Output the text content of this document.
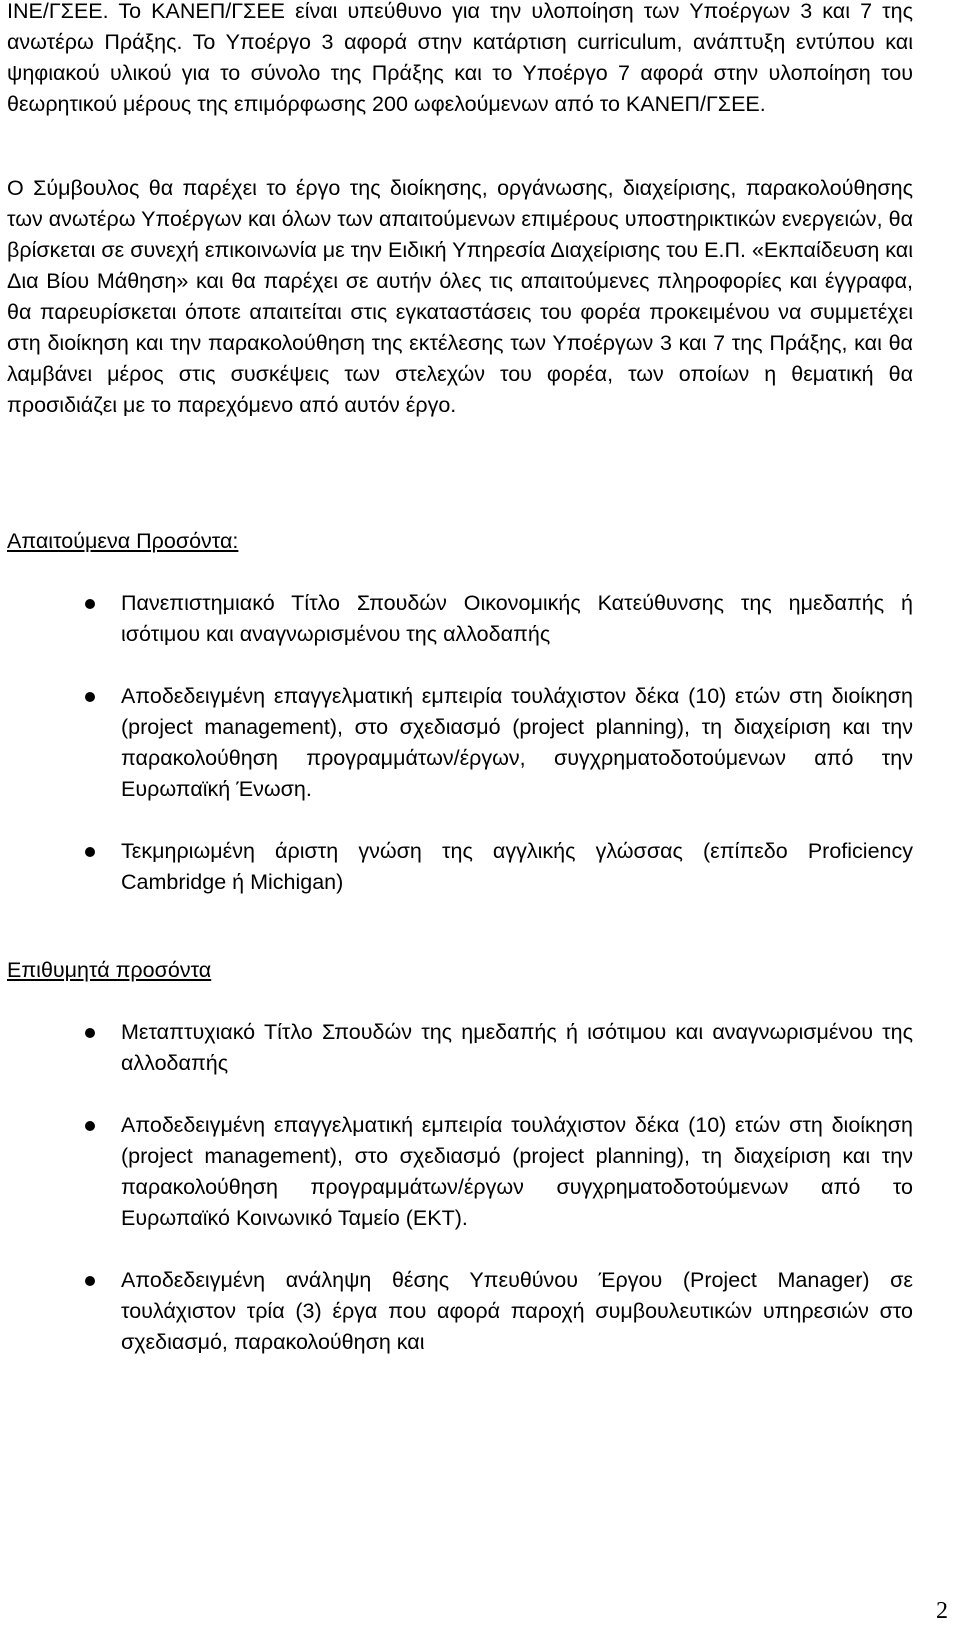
ΙΝΕ/ΓΣΕΕ. Το ΚΑΝΕΠ/ΓΣΕΕ είναι υπεύθυνο για την υλοποίηση των Υποέργων 3 και 7 της ανωτέρω Πράξης. Το Υποέργο 3 αφορά στην κατάρτιση curriculum, ανάπτυξη εντύπου και ψηφιακού υλικού για το σύνολο της Πράξης και το Υποέργο 7 αφορά στην υλοποίηση του θεωρητικού μέρους της επιμόρφωσης 200 ωφελούμενων από το ΚΑΝΕΠ/ΓΣΕΕ.

Ο Σύμβουλος θα παρέχει το έργο της διοίκησης, οργάνωσης, διαχείρισης, παρακολούθησης των ανωτέρω Υποέργων και όλων των απαιτούμενων επιμέρους υποστηρικτικών ενεργειών, θα βρίσκεται σε συνεχή επικοινωνία με την Ειδική Υπηρεσία Διαχείρισης του Ε.Π. «Εκπαίδευση και Δια Βίου Μάθηση» και θα παρέχει σε αυτήν όλες τις απαιτούμενες πληροφορίες και έγγραφα, θα παρευρίσκεται όποτε απαιτείται στις εγκαταστάσεις του φορέα προκειμένου να συμμετέχει στη διοίκηση και την παρακολούθηση της εκτέλεσης των Υποέργων 3 και 7 της Πράξης, και θα λαμβάνει μέρος στις συσκέψεις των στελεχών του φορέα, των οποίων η θεματική θα προσιδιάζει με το παρεχόμενο από αυτόν έργο.

Απαιτούμενα Προσόντα:

Πανεπιστημιακό Τίτλο Σπουδών Οικονομικής Κατεύθυνσης της ημεδαπής ή ισότιμου και αναγνωρισμένου της αλλοδαπής
Αποδεδειγμένη επαγγελματική εμπειρία τουλάχιστον δέκα (10) ετών στη διοίκηση (project management), στο σχεδιασμό (project planning), τη διαχείριση και την παρακολούθηση προγραμμάτων/έργων, συγχρηματοδοτούμενων από την Ευρωπαϊκή Ένωση.
Τεκμηριωμένη άριστη γνώση της αγγλικής γλώσσας (επίπεδο Proficiency Cambridge ή Michigan)

Επιθυμητά προσόντα

Μεταπτυχιακό Τίτλο Σπουδών της ημεδαπής ή ισότιμου και αναγνωρισμένου της αλλοδαπής
Αποδεδειγμένη επαγγελματική εμπειρία τουλάχιστον δέκα (10) ετών στη διοίκηση (project management), στο σχεδιασμό (project planning), τη διαχείριση και την παρακολούθηση προγραμμάτων/έργων συγχρηματοδοτούμενων από το Ευρωπαϊκό Κοινωνικό Ταμείο (ΕΚΤ).
Αποδεδειγμένη ανάληψη θέσης Υπευθύνου Έργου (Project Manager) σε τουλάχιστον τρία (3) έργα που αφορά παροχή συμβουλευτικών υπηρεσιών στο σχεδιασμό, παρακολούθηση και
2
